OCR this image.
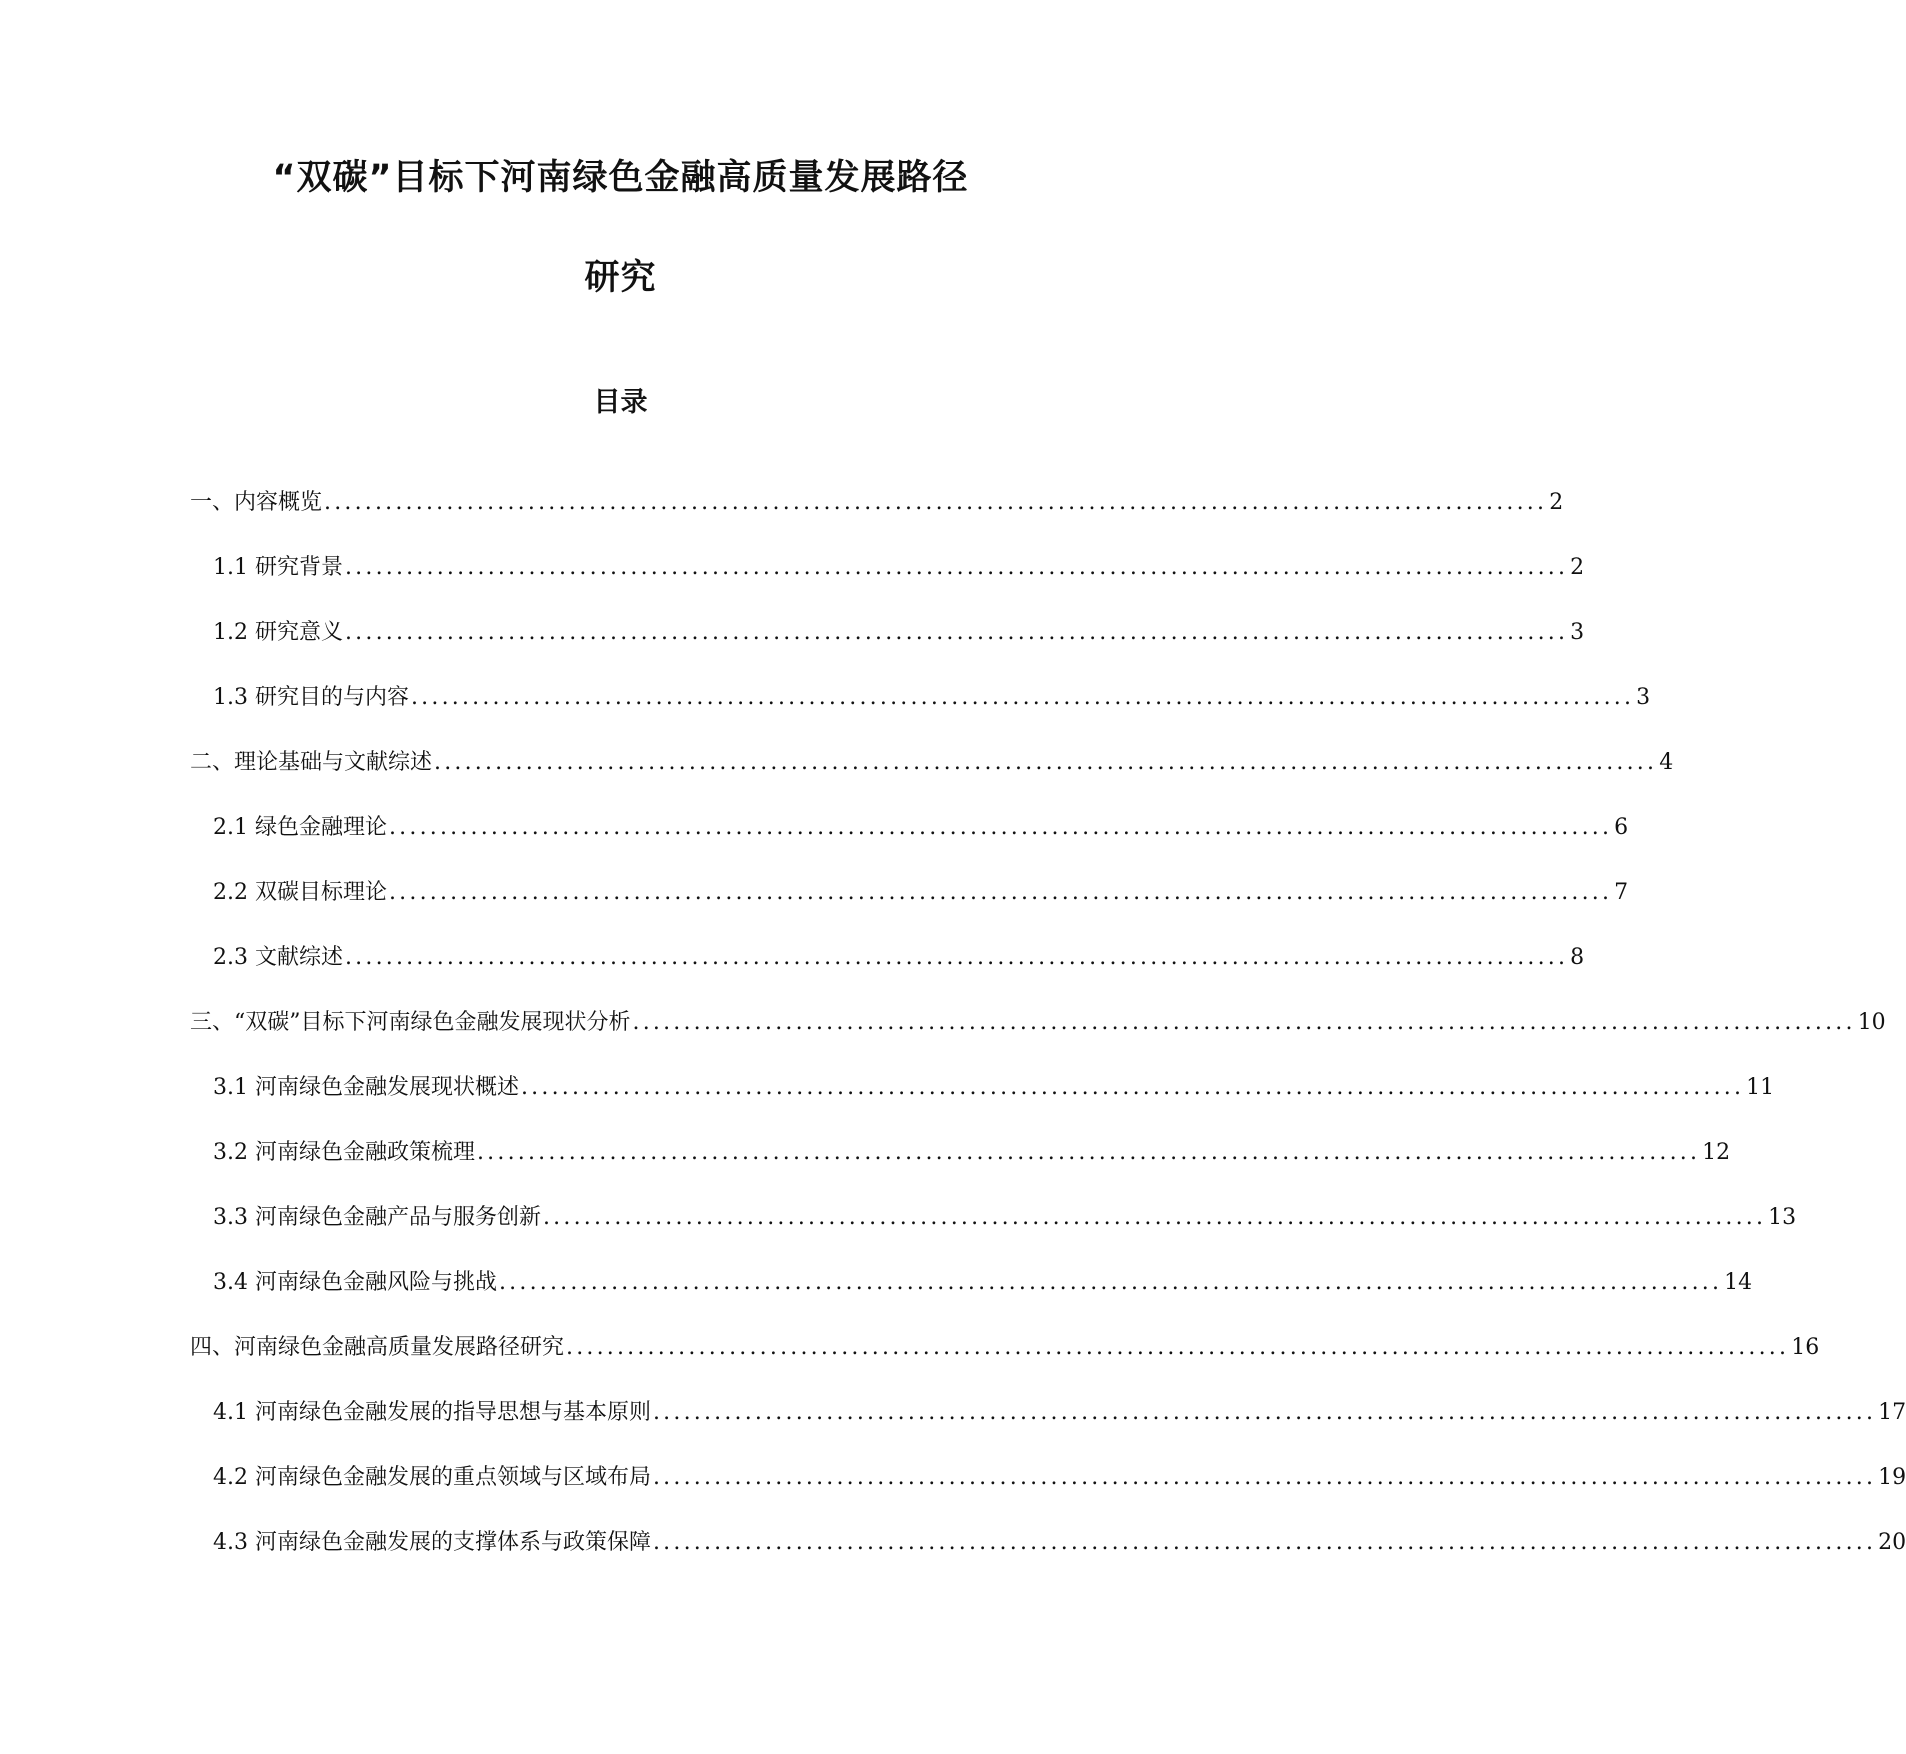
“双碳”目标下河南绿色金融高质量发展路径
研究
目录
一、内容概览 ........................................................................................................................ 2
1.1 研究背景 ........................................................................................................................ 2
1.2 研究意义 ........................................................................................................................ 3
1.3 研究目的与内容 ........................................................................................................................ 3
二、理论基础与文献综述 ........................................................................................................................ 4
2.1 绿色金融理论 ........................................................................................................................ 6
2.2 双碳目标理论 ........................................................................................................................ 7
2.3 文献综述 ........................................................................................................................ 8
三、“双碳”目标下河南绿色金融发展现状分析 ........................................................................................................................ 10
3.1 河南绿色金融发展现状概述 ........................................................................................................................ 11
3.2 河南绿色金融政策梳理 ........................................................................................................................ 12
3.3 河南绿色金融产品与服务创新 ........................................................................................................................ 13
3.4 河南绿色金融风险与挑战 ........................................................................................................................ 14
四、河南绿色金融高质量发展路径研究 ........................................................................................................................ 16
4.1 河南绿色金融发展的指导思想与基本原则 ........................................................................................................................ 17
4.2 河南绿色金融发展的重点领域与区域布局 ........................................................................................................................ 19
4.3 河南绿色金融发展的支撑体系与政策保障 ........................................................................................................................ 20
